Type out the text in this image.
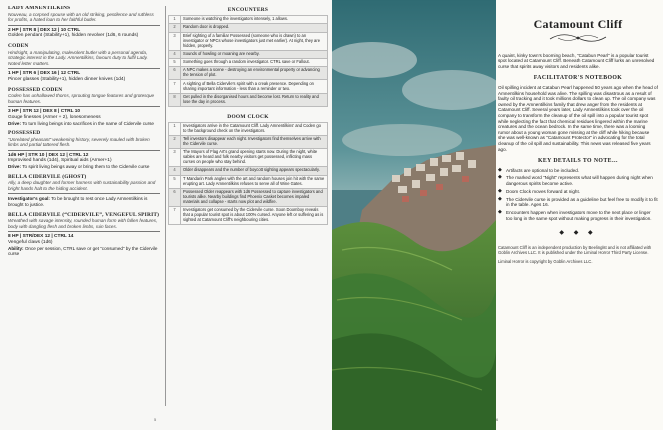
LADY AMNENTILKINS
Nouveau, a corpsed spouse with an old striking, pestilence and ruthless for profits, a hated loan to her faithful butler.
2 HP | STR 8 | DEX 12 | 10 CTRL
Golden pendant (Stability+1), hidden revolver (1d6, 6 rounds)
CODEN
Hindsight, a manipulating, malevolent butler with a personal agenda, strategic interest in the Lady. Amnentilkins, favours duty to fulfil Lady. Noted letter matters.
1 HP | STR 6 | DEX 16 | 12 CTRL
Pincer glasses (Stability+1), hidden dinner knives (1d4)
POSSESSED CODEN
Coden has unhallowed thorns, sprouting tongue features and grotesque human features.
3 HP | STR 12 | DEX 8 | CTRL 10
Gouge finesses (Armer + 2), lonesomeness
Drive: To turn living beings into sacrifices in the name of Cidervile curse
POSSESSED
“Unrelated pheasant” weakening history, severely mauled with broken limbs and partial tattered flesh.
1d6 HP | STR 10 | DEX 12 | CTRL 12
Improvised hands (1d4), Spiritual aids (Armer+1)
Drive: To spirit living beings away or bring them to the Cidervile curse
BELLA CIDERVILE (GHOST)
Ally, a deep daughter and former harness with sustainability passion and bright hands halt to the hiding accident.
Investigator's goal: To be brought to rest once Lady Amnentilkins is brought to justice.
BELLA CIDERVILE (“CIDERVILE”, VENGEFUL SPIRIT)
Wreathed with savage intensity, rounded human form with fallen features, body with dangling flesh and broken limbs, ruin faces.
8 HP | STR/DEX 12 | CTRL 14
Vengeful claws (1d6)
Ability: Once per session, CTRL save or get “consumed” by the Cidervile curse
ENCOUNTERS
1	Someone is watching the investigators intensely, 1 allows.
2	Random door is dropped.
3	Brief sighting of a familiar Possessed (someone who is drawn) to an investigator or NPCs whose investigators just met earlier). At night, they are hidden, properly.
4	Sounds of howling or moaning are nearby.
5	Something goes through a random investigator. CTRL save or Fallout.
6	A NPC makes a scene - destroying an environmental property or advancing the tension of plot.
7	A sighting of Bella Cidervile's spirit with a creak presence. Depending on sharing important information - less than a reminder or two.
8	Get pulled in the disorganised hours and become lost. Return to reality and lose the day in process.
DOOM CLOCK
1	Investigators arrive in the Catamount Cliff. Lady Amnentilkins' and Coden go to the background check on the investigators.
2	Tell investors disappear each night. Investigators find themselves arrive with the Cidervile curse.
3	The Mayors of Flag Art's grand opening starts now. During the night, white sables are heard and folk nearby visitors get possessed, inflicting mass curses on people who stay behind.
4	Older disappears and the number of boycott sighting appears spectacularly.
5	T Mandarin Park angles with the art and random houses join hit with the same erupting art. Lady Amnentilkins refuses to serve all of Wine Gates.
6	Possessed Older reappears with 1d6 Possessed to capture investigators and tourists alike. Nearby buildings find Phoenix Casket becomes impaled materials and collapse - starts now plot and wildfire.
7	Investigators get consumed by the Cidervile curse. Soon Doomboy reveals that a popular tourist spot is about 100% cursed. Anyone left or suffering as is sighted at Catamount Cliff's neighbouring cities.
5
Catamount Cliff
A quaint, kinky town's booming beach, "Catabun Pearl" is a popular tourist spot located at Catamount Cliff. Beneath Catamount Cliff lurks an unresolved curse that spirits away visitors and residents alike.
FACILITATOR'S NOTEBOOK
Oil spilling incident at Catabun Pearl happened 50 years ago when the head of Amnentilkins household was alive. The spilling was disastrous as a result of faulty oil tracking and it took millions dollars to clean up. The oil company was owned by the Amnentilkins family that drew anger from the residents at Catamount Cliff. Several years later, Lady Amnentilkins took over the oil company to transform the cleanup of the oil spill into a popular tourist spot while neglecting the fact that chemical residues lingered within the marine creatures and the ocean bedrock. In the same time, there was a looming rumor about a young woman gone missing at the cliff while hiking because she was well-known as "Catamount Protector" in advocating for the total cleanup of the oil spill and sustainability. This news was released five years ago.
KEY DETAILS TO NOTE…
◆ Artifacts are optional to be included.
◆ The marked word "Night" represents what will happen during night when dangerous spirits become active.
◆ Doom Clock moves forward at night.
◆ The Cidervile curse is provided as a guideline but feel free to modify it to fit in the table. Ages 16.
◆ Encounters happen when investigators move to the next place or linger too long in the same spot without making progress in their investigation.
◆ ◆ ◆
Catamount Cliff is an independent production by Beelinglst and is not affiliated with Goblin Archives LLC. It is published under the Liminal Horror Third Party License.
Liminal Horror is copyright by Goblin Archives LLC.
6
